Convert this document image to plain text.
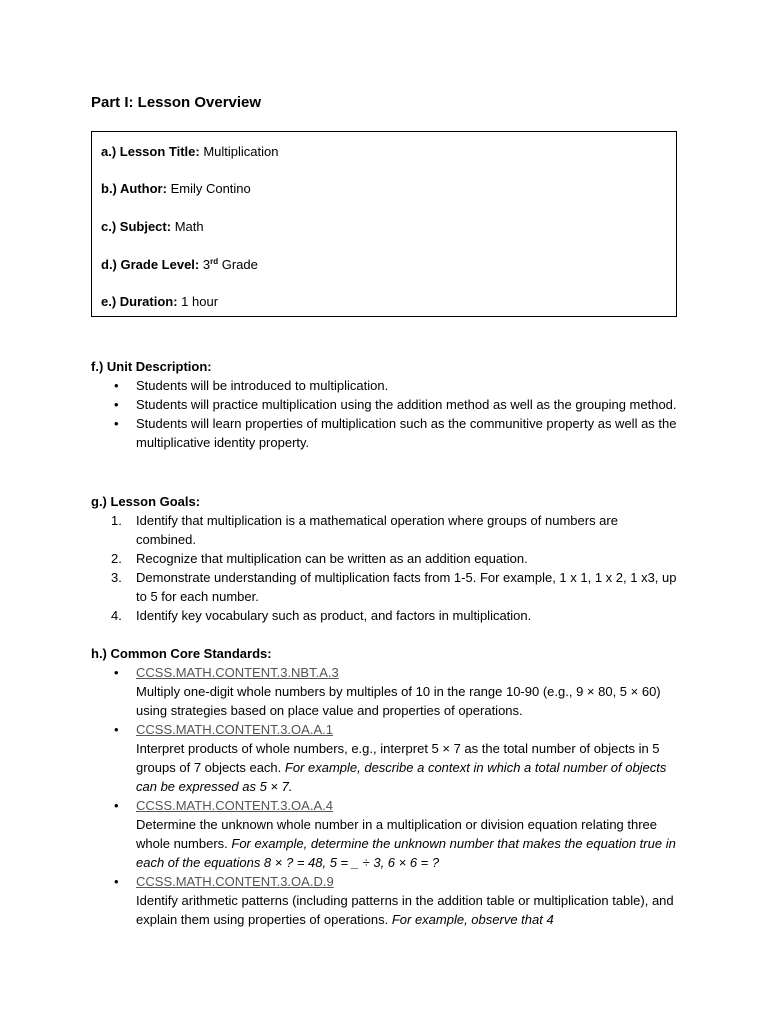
Part I: Lesson Overview
a.) Lesson Title: Multiplication
b.) Author: Emily Contino
c.) Subject: Math
d.) Grade Level: 3rd Grade
e.) Duration: 1 hour
f.) Unit Description:
• Students will be introduced to multiplication.
• Students will practice multiplication using the addition method as well as the grouping method.
• Students will learn properties of multiplication such as the communitive property as well as the multiplicative identity property.
g.) Lesson Goals:
1. Identify that multiplication is a mathematical operation where groups of numbers are combined.
2. Recognize that multiplication can be written as an addition equation.
3. Demonstrate understanding of multiplication facts from 1-5. For example, 1 x 1, 1 x 2, 1 x3, up to 5 for each number.
4. Identify key vocabulary such as product, and factors in multiplication.
h.) Common Core Standards:
• CCSS.MATH.CONTENT.3.NBT.A.3
Multiply one-digit whole numbers by multiples of 10 in the range 10-90 (e.g., 9 × 80, 5 × 60) using strategies based on place value and properties of operations.
• CCSS.MATH.CONTENT.3.OA.A.1
Interpret products of whole numbers, e.g., interpret 5 × 7 as the total number of objects in 5 groups of 7 objects each. For example, describe a context in which a total number of objects can be expressed as 5 × 7.
• CCSS.MATH.CONTENT.3.OA.A.4
Determine the unknown whole number in a multiplication or division equation relating three whole numbers. For example, determine the unknown number that makes the equation true in each of the equations 8 × ? = 48, 5 = _ ÷ 3, 6 × 6 = ?
• CCSS.MATH.CONTENT.3.OA.D.9
Identify arithmetic patterns (including patterns in the addition table or multiplication table), and explain them using properties of operations. For example, observe that 4
